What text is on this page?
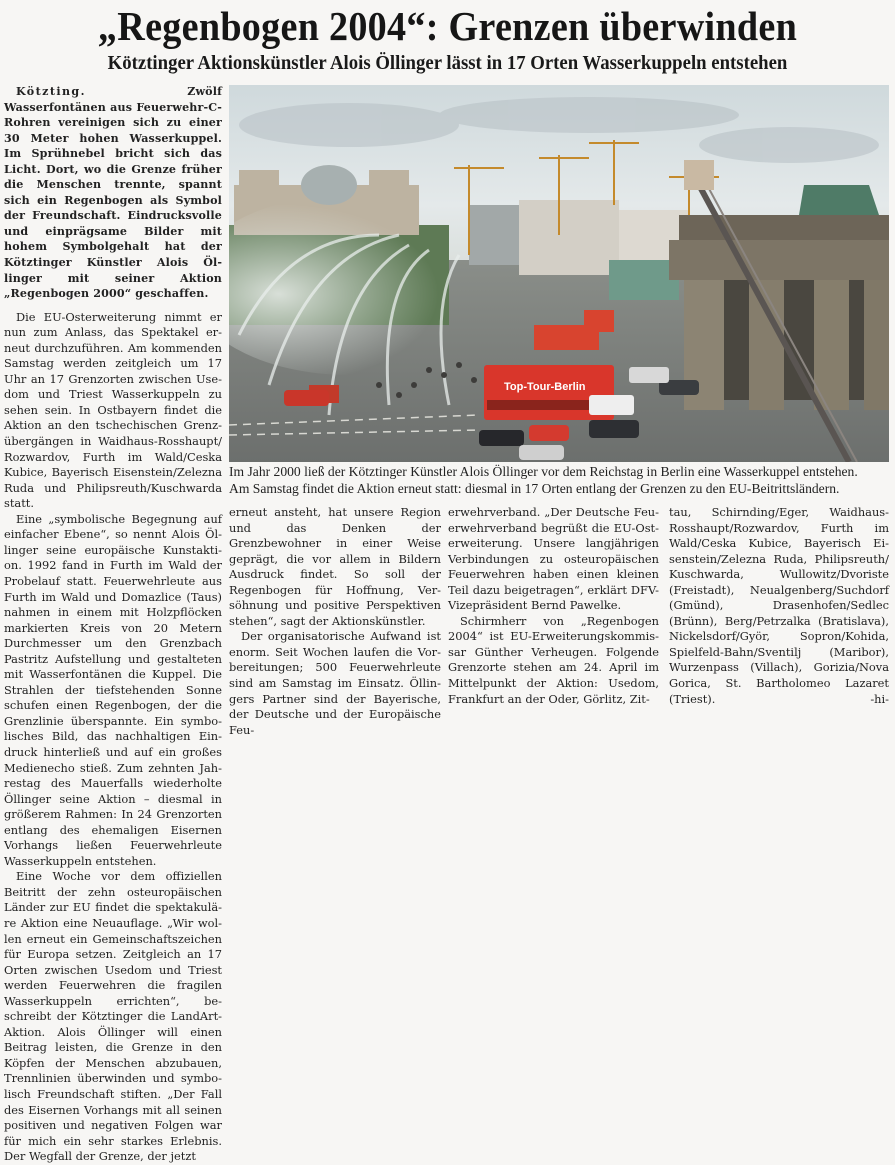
„Regenbogen 2004“: Grenzen überwinden
Kötztinger Aktionskünstler Alois Öllinger lässt in 17 Orten Wasserkuppeln entstehen

Kötzting. Zwölf Wasserfontänen aus Feuerwehr-C-Rohren vereinigen sich zu einer 30 Meter hohen Wasserkuppel. Im Sprühnebel bricht sich das Licht. Dort, wo die Grenze früher die Menschen trennte, spannt sich ein Regenbogen als Symbol der Freundschaft. Eindrucksvolle und einprägsame Bilder mit hohem Symbolgehalt hat der Kötztinger Künstler Alois Öllinger mit seiner Aktion „Regenbogen 2000“ geschaffen.

Die EU-Osterweiterung nimmt er nun zum Anlass, das Spektakel erneut durchzuführen. Am kommenden Samstag werden zeitgleich um 17 Uhr an 17 Grenzorten zwischen Usedom und Triest Wasserkuppeln zu sehen sein. In Ostbayern findet die Aktion an den tschechischen Grenzübergängen in Waidhaus-Rosshaupt/ Rozwardov, Furth im Wald/Ceska Kubice, Bayerisch Eisenstein/Zelezna Ruda und Philipsreuth/Kuschwarda statt.

Eine „symbolische Begegnung auf einfacher Ebene“, so nennt Alois Öllinger seine europäische Kunstaktion. 1992 fand in Furth im Wald der Probelauf statt. Feuerwehrleute aus Furth im Wald und Domazlice (Taus) nahmen in einem mit Holzpflöcken markierten Kreis von 20 Metern Durchmesser um den Grenzbach Pastritz Aufstellung und gestalteten mit Wasserfontänen die Kuppel. Die Strahlen der tiefstehenden Sonne schufen einen Regenbogen, der die Grenzlinie überspannte. Ein symbolisches Bild, das nachhaltigen Eindruck hinterließ und auf ein großes Medienecho stieß. Zum zehnten Jahrestag des Mauerfalls wiederholte Öllinger seine Aktion – diesmal in größerem Rahmen: In 24 Grenzorten entlang des ehemaligen Eisernen Vorhangs ließen Feuerwehrleute Wasserkuppeln entstehen.

Eine Woche vor dem offiziellen Beitritt der zehn osteuropäischen Länder zur EU findet die spektakuläre Aktion eine Neuauflage. „Wir wollen erneut ein Gemeinschaftszeichen für Europa setzen. Zeitgleich an 17 Orten zwischen Usedom und Triest werden Feuerwehren die fragilen Wasserkuppeln errichten“, beschreibt der Kötztinger die LandArt-Aktion. Alois Öllinger will einen Beitrag leisten, die Grenze in den Köpfen der Menschen abzubauen, Trennlinien überwinden und symbolisch Freundschaft stiften. „Der Fall des Eisernen Vorhangs mit all seinen positiven und negativen Folgen war für mich ein sehr starkes Erlebnis. Der Wegfall der Grenze, der jetzt

Top-Tour-Berlin
Im Jahr 2000 ließ der Kötztinger Künstler Alois Öllinger vor dem Reichstag in Berlin eine Wasserkuppel entstehen.
Am Samstag findet die Aktion erneut statt: diesmal in 17 Orten entlang der Grenzen zu den EU-Beitrittsländern.

erneut ansteht, hat unsere Region und das Denken der Grenzbewohner in einer Weise geprägt, die vor allem in Bildern Ausdruck findet. So soll der Regenbogen für Hoffnung, Versöhnung und positive Perspektiven stehen“, sagt der Aktionskünstler.

Der organisatorische Aufwand ist enorm. Seit Wochen laufen die Vorbereitungen; 500 Feuerwehrleute sind am Samstag im Einsatz. Öllingers Partner sind der Bayerische, der Deutsche und der Europäische Feu-

erwehrverband. „Der Deutsche Feuerwehrverband begrüßt die EU-Osterweiterung. Unsere langjährigen Verbindungen zu osteuropäischen Feuerwehren haben einen kleinen Teil dazu beigetragen“, erklärt DFV-Vizepräsident Bernd Pawelke.

Schirmherr von „Regenbogen 2004“ ist EU-Erweiterungskommissar Günther Verheugen. Folgende Grenzorte stehen am 24. April im Mittelpunkt der Aktion: Usedom, Frankfurt an der Oder, Görlitz, Zit-

tau, Schirnding/Eger, Waidhaus-Rosshaupt/Rozwardov, Furth im Wald/Ceska Kubice, Bayerisch Eisenstein/Zelezna Ruda, Philipsreuth/ Kuschwarda, Wullowitz/Dvoriste (Freistadt), Neualgenberg/Suchdorf (Gmünd), Drasenhofen/Sedlec (Brünn), Berg/Petrzalka (Bratislava), Nickelsdorf/Györ, Sopron/Kohida, Spielfeld-Bahn/Sventilj (Maribor), Wurzenpass (Villach), Gorizia/Nova Gorica, St. Bartholomeo Lazaret (Triest).	-hi-
